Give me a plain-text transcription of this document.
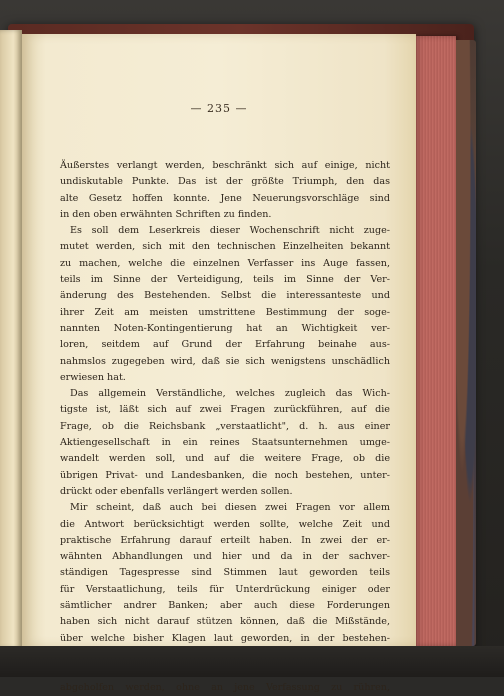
— 235 —
Äußerstes verlangt werden, beschränkt sich auf einige, nicht
undiskutable Punkte. Das ist der größte Triumph, den das
alte Gesetz hoffen konnte. Jene Neuerungsvorschläge sind
in den oben erwähnten Schriften zu finden.
Es soll dem Leserkreis dieser Wochenschrift nicht zuge-
mutet werden, sich mit den technischen Einzelheiten bekannt
zu machen, welche die einzelnen Verfasser ins Auge fassen,
teils im Sinne der Verteidigung, teils im Sinne der Ver-
änderung des Bestehenden. Selbst die interessanteste und
ihrer Zeit am meisten umstrittene Bestimmung der soge-
nannten Noten-Kontingentierung hat an Wichtigkeit ver-
loren, seitdem auf Grund der Erfahrung beinahe aus-
nahmslos zugegeben wird, daß sie sich wenigstens unschädlich
erwiesen hat.
Das allgemein Verständliche, welches zugleich das Wich-
tigste ist, läßt sich auf zwei Fragen zurückführen, auf die
Frage, ob die Reichsbank „verstaatlicht", d. h. aus einer
Aktiengesellschaft in ein reines Staatsunternehmen umge-
wandelt werden soll, und auf die weitere Frage, ob die
übrigen Privat- und Landesbanken, die noch bestehen, unter-
drückt oder ebenfalls verlängert werden sollen.
Mir scheint, daß auch bei diesen zwei Fragen vor allem
die Antwort berücksichtigt werden sollte, welche Zeit und
praktische Erfahrung darauf erteilt haben. In zwei der er-
wähnten Abhandlungen und hier und da in der sachver-
ständigen Tagespresse sind Stimmen laut geworden teils
für Verstaatlichung, teils für Unterdrückung einiger oder
sämtlicher andrer Banken; aber auch diese Forderungen
haben sich nicht darauf stützen können, daß die Mißstände,
über welche bisher Klagen laut geworden, in der bestehen-
abgeholfen werden, ohne an jene Verfassung zu rühren,
